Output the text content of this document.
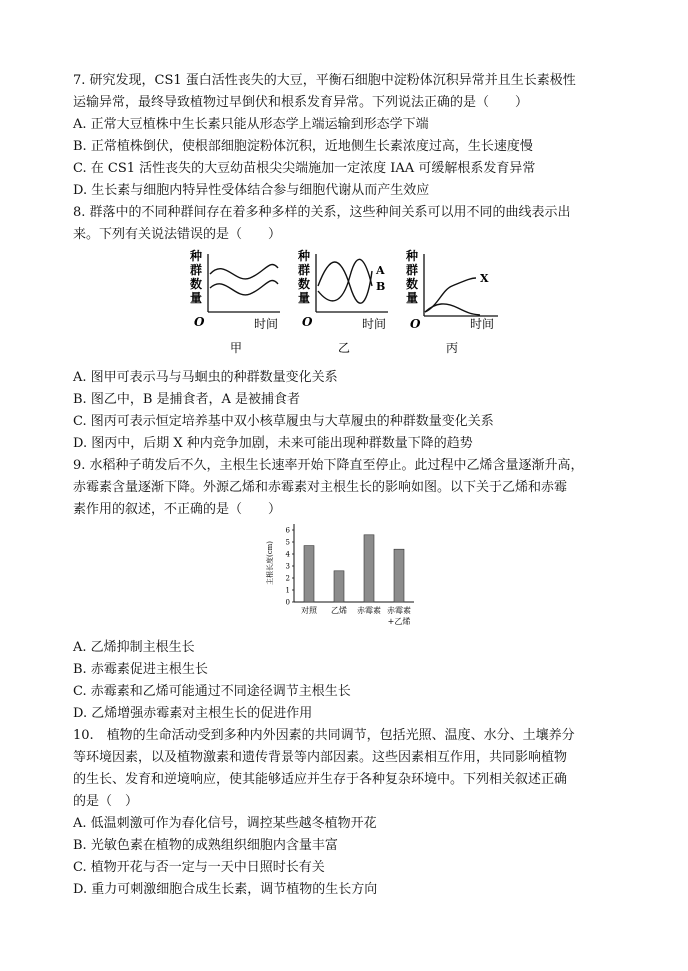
7. 研究发现，CS1 蛋白活性丧失的大豆，平衡石细胞中淀粉体沉积异常并且生长素极性
运输异常，最终导致植物过早倒伏和根系发育异常。下列说法正确的是（　　）
A. 正常大豆植株中生长素只能从形态学上端运输到形态学下端
B. 正常植株倒伏，使根部细胞淀粉体沉积，近地侧生长素浓度过高，生长速度慢
C. 在 CS1 活性丧失的大豆幼苗根尖尖端施加一定浓度 IAA 可缓解根系发育异常
D. 生长素与细胞内特异性受体结合参与细胞代谢从而产生效应
8. 群落中的不同种群间存在着多种多样的关系，这些种间关系可以用不同的曲线表示出
来。下列有关说法错误的是（　　）
种
群
数
量
O	时间
甲
种
群
数
量
A
B
O	时间
乙
种
群
数
量
X
O	时间
丙
A. 图甲可表示马与马蛔虫的种群数量变化关系
B. 图乙中，B 是捕食者，A 是被捕食者
C. 图丙可表示恒定培养基中双小核草履虫与大草履虫的种群数量变化关系
D. 图丙中，后期 X 种内竞争加剧，未来可能出现种群数量下降的趋势
9. 水稻种子萌发后不久，主根生长速率开始下降直至停止。此过程中乙烯含量逐渐升高，
赤霉素含量逐渐下降。外源乙烯和赤霉素对主根生长的影响如图。以下关于乙烯和赤霉
素作用的叙述，不正确的是（　　）
主根长度(cm)
0
1
2
3
4
5
6
对照 乙烯 赤霉素 赤霉素
+乙烯
A. 乙烯抑制主根生长
B. 赤霉素促进主根生长
C. 赤霉素和乙烯可能通过不同途径调节主根生长
D. 乙烯增强赤霉素对主根生长的促进作用
10.　植物的生命活动受到多种内外因素的共同调节，包括光照、温度、水分、土壤养分
等环境因素，以及植物激素和遗传背景等内部因素。这些因素相互作用，共同影响植物
的生长、发育和逆境响应，使其能够适应并生存于各种复杂环境中。下列相关叙述正确
的是（　）
A. 低温刺激可作为春化信号，调控某些越冬植物开花
B. 光敏色素在植物的成熟组织细胞内含量丰富
C. 植物开花与否一定与一天中日照时长有关
D. 重力可刺激细胞合成生长素，调节植物的生长方向
